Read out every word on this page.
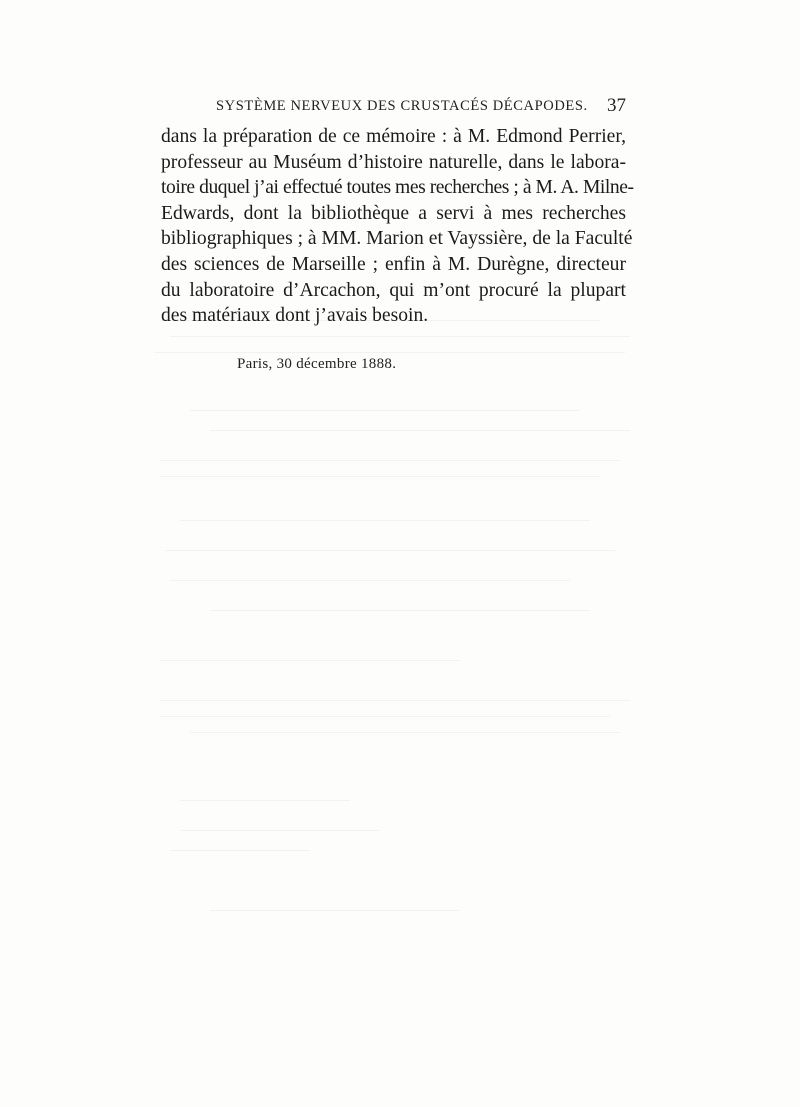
SYSTÈME NERVEUX DES CRUSTACÉS DÉCAPODES. 37
dans la préparation de ce mémoire : à M. Edmond Perrier,
professeur au Muséum d’histoire naturelle, dans le labora-
toire duquel j’ai effectué toutes mes recherches ; à M. A. Milne-
Edwards, dont la bibliothèque a servi à mes recherches
bibliographiques ; à MM. Marion et Vayssière, de la Faculté
des sciences de Marseille ; enfin à M. Durègne, directeur
du laboratoire d’Arcachon, qui m’ont procuré la plupart
des matériaux dont j’avais besoin.
Paris, 30 décembre 1888.
